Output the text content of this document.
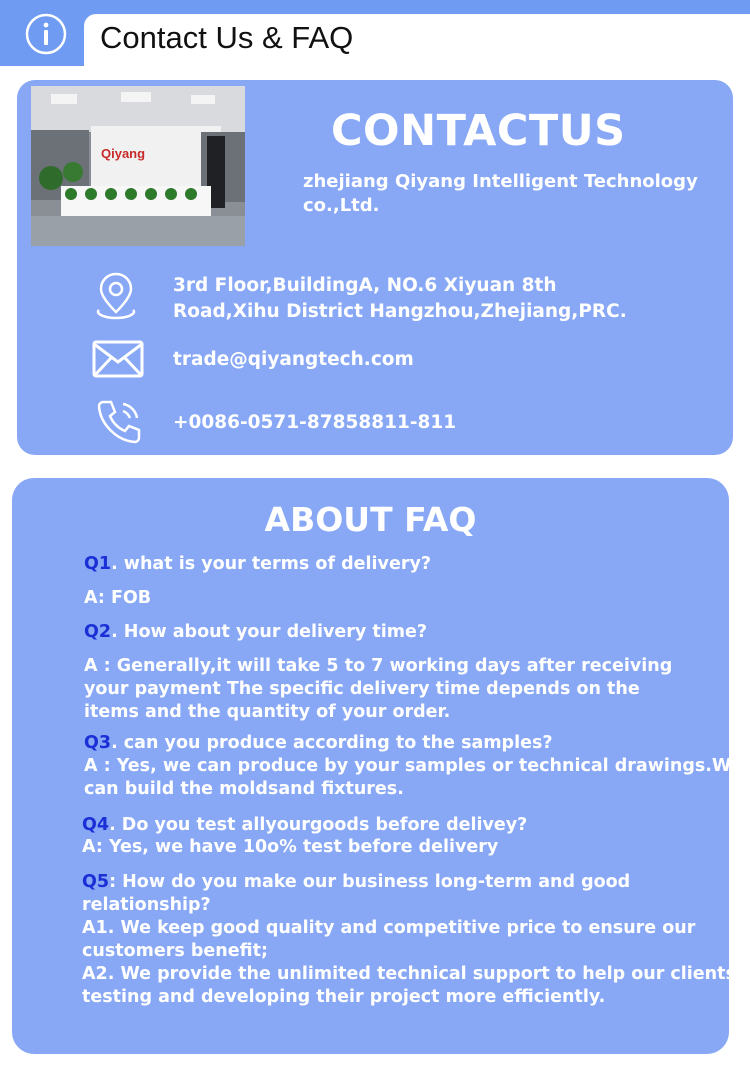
Contact Us & FAQ
Qiyang	CONTACTUS
zhejiang Qiyang Intelligent Technology
co.,Ltd.
3rd Floor,BuildingA, NO.6 Xiyuan 8th
Road,Xihu District Hangzhou,Zhejiang,PRC.
trade@qiyangtech.com
+0086-0571-87858811-811
ABOUT FAQ
Q1. what is your terms of delivery?
A: FOB
Q2. How about your delivery time?
A : Generally,it will take 5 to 7 working days after receiving
your payment The specific delivery time depends on the
items and the quantity of your order.
Q3. can you produce according to the samples?
A : Yes, we can produce by your samples or technical drawings.We
can build the moldsand fixtures.
Q4. Do you test allyourgoods before delivey?
A: Yes, we have 10o% test before delivery
Q5: How do you make our business long-term and good
relationship?
A1. We keep good quality and competitive price to ensure our
customers benefit;
A2. We provide the unlimited technical support to help our clients
testing and developing their project more efficiently.
